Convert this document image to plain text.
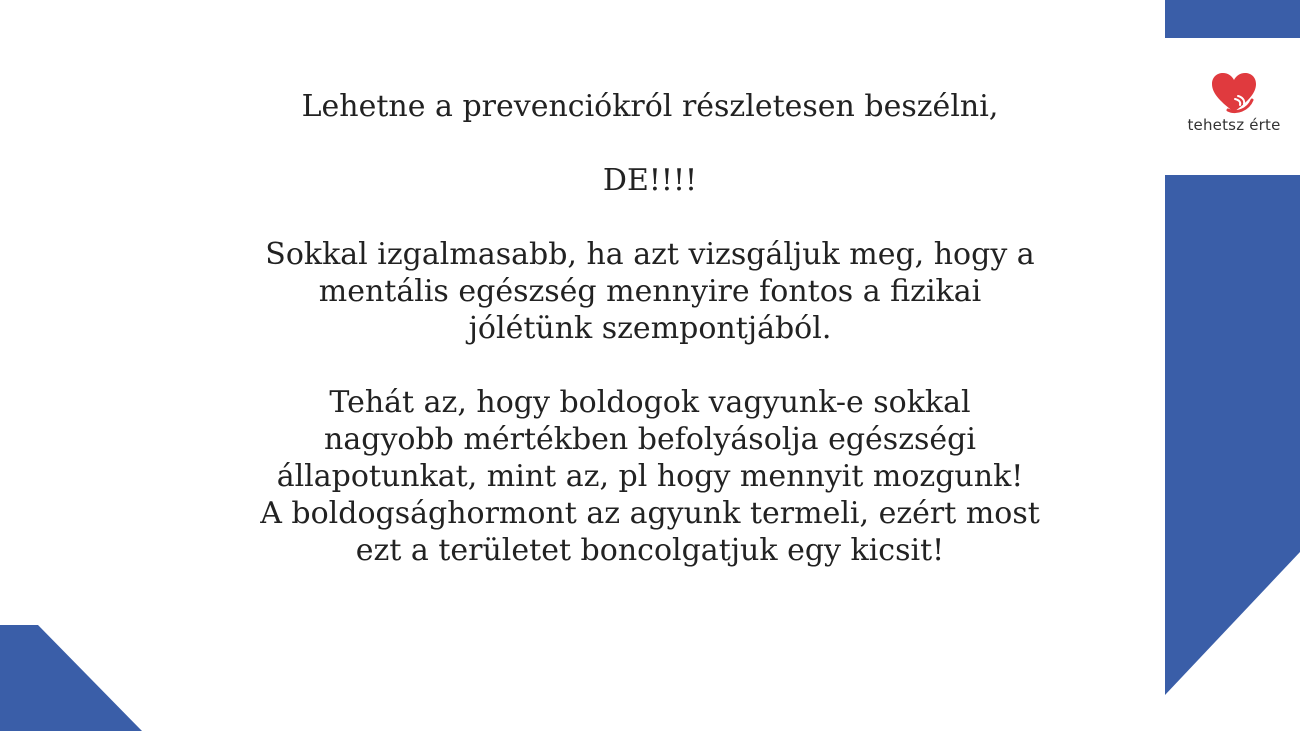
tehetsz érte

Lehetne a prevenciókról részletesen beszélni,

DE!!!!

Sokkal izgalmasabb, ha azt vizsgáljuk meg, hogy a

mentális egészség mennyire fontos a fizikai

jólétünk szempontjából.

Tehát az, hogy boldogok vagyunk-e sokkal

nagyobb mértékben befolyásolja egészségi

állapotunkat, mint az, pl hogy mennyit mozgunk!

A boldogsághormont az agyunk termeli, ezért most

ezt a területet boncolgatjuk egy kicsit!
